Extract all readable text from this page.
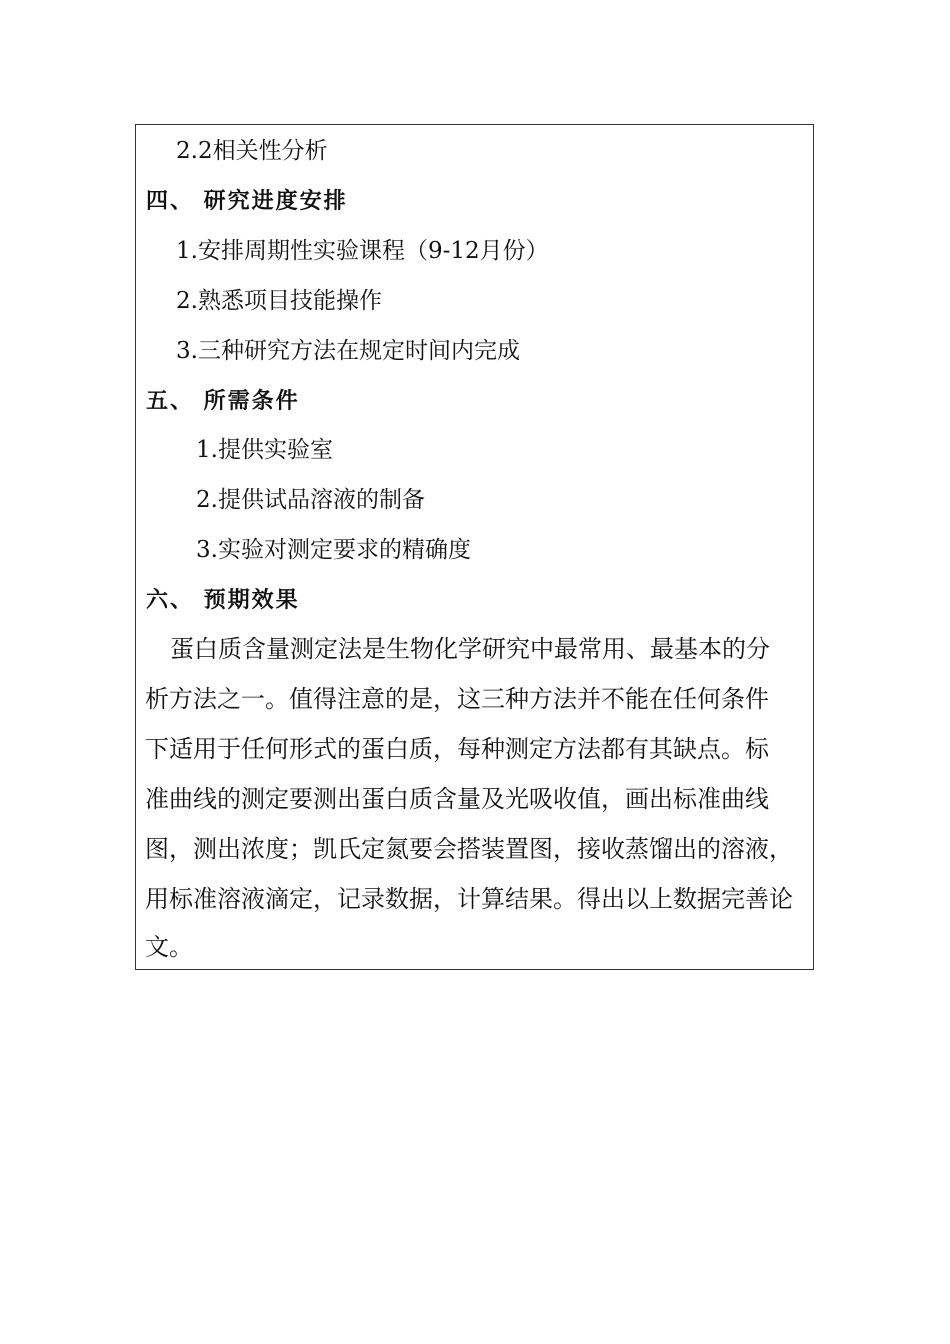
2.2相关性分析
四、 研究进度安排
1.安排周期性实验课程（9-12月份）
2.熟悉项目技能操作
3.三种研究方法在规定时间内完成
五、 所需条件
1.提供实验室
2.提供试品溶液的制备
3.实验对测定要求的精确度
六、 预期效果
蛋白质含量测定法是生物化学研究中最常用、最基本的分
析方法之一。值得注意的是，这三种方法并不能在任何条件
下适用于任何形式的蛋白质，每种测定方法都有其缺点。标
准曲线的测定要测出蛋白质含量及光吸收值，画出标准曲线
图，测出浓度；凯氏定氮要会搭装置图，接收蒸馏出的溶液，
用标准溶液滴定，记录数据，计算结果。得出以上数据完善论
文。
